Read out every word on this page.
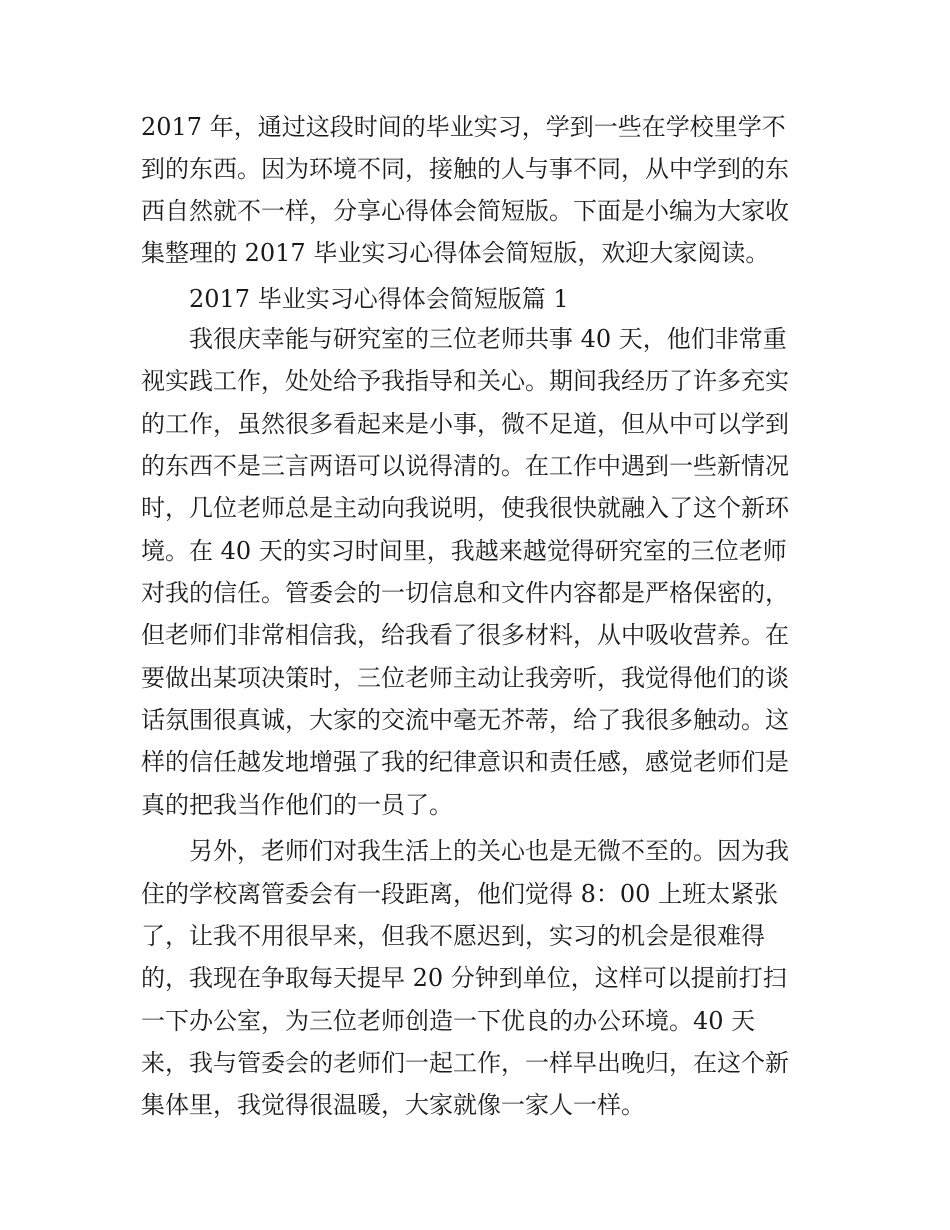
2017 年，通过这段时间的毕业实习，学到一些在学校里学不

到的东西。因为环境不同，接触的人与事不同，从中学到的东

西自然就不一样，分享心得体会简短版。下面是小编为大家收

集整理的 2017 毕业实习心得体会简短版，欢迎大家阅读。

2017 毕业实习心得体会简短版篇 1

我很庆幸能与研究室的三位老师共事 40 天，他们非常重

视实践工作，处处给予我指导和关心。期间我经历了许多充实

的工作，虽然很多看起来是小事，微不足道，但从中可以学到

的东西不是三言两语可以说得清的。在工作中遇到一些新情况

时，几位老师总是主动向我说明，使我很快就融入了这个新环

境。在 40 天的实习时间里，我越来越觉得研究室的三位老师

对我的信任。管委会的一切信息和文件内容都是严格保密的，

但老师们非常相信我，给我看了很多材料，从中吸收营养。在

要做出某项决策时，三位老师主动让我旁听，我觉得他们的谈

话氛围很真诚，大家的交流中毫无芥蒂，给了我很多触动。这

样的信任越发地增强了我的纪律意识和责任感，感觉老师们是

真的把我当作他们的一员了。

另外，老师们对我生活上的关心也是无微不至的。因为我

住的学校离管委会有一段距离，他们觉得 8：00 上班太紧张

了，让我不用很早来，但我不愿迟到，实习的机会是很难得

的，我现在争取每天提早 20 分钟到单位，这样可以提前打扫

一下办公室，为三位老师创造一下优良的办公环境。40 天

来，我与管委会的老师们一起工作，一样早出晚归，在这个新

集体里，我觉得很温暖，大家就像一家人一样。
